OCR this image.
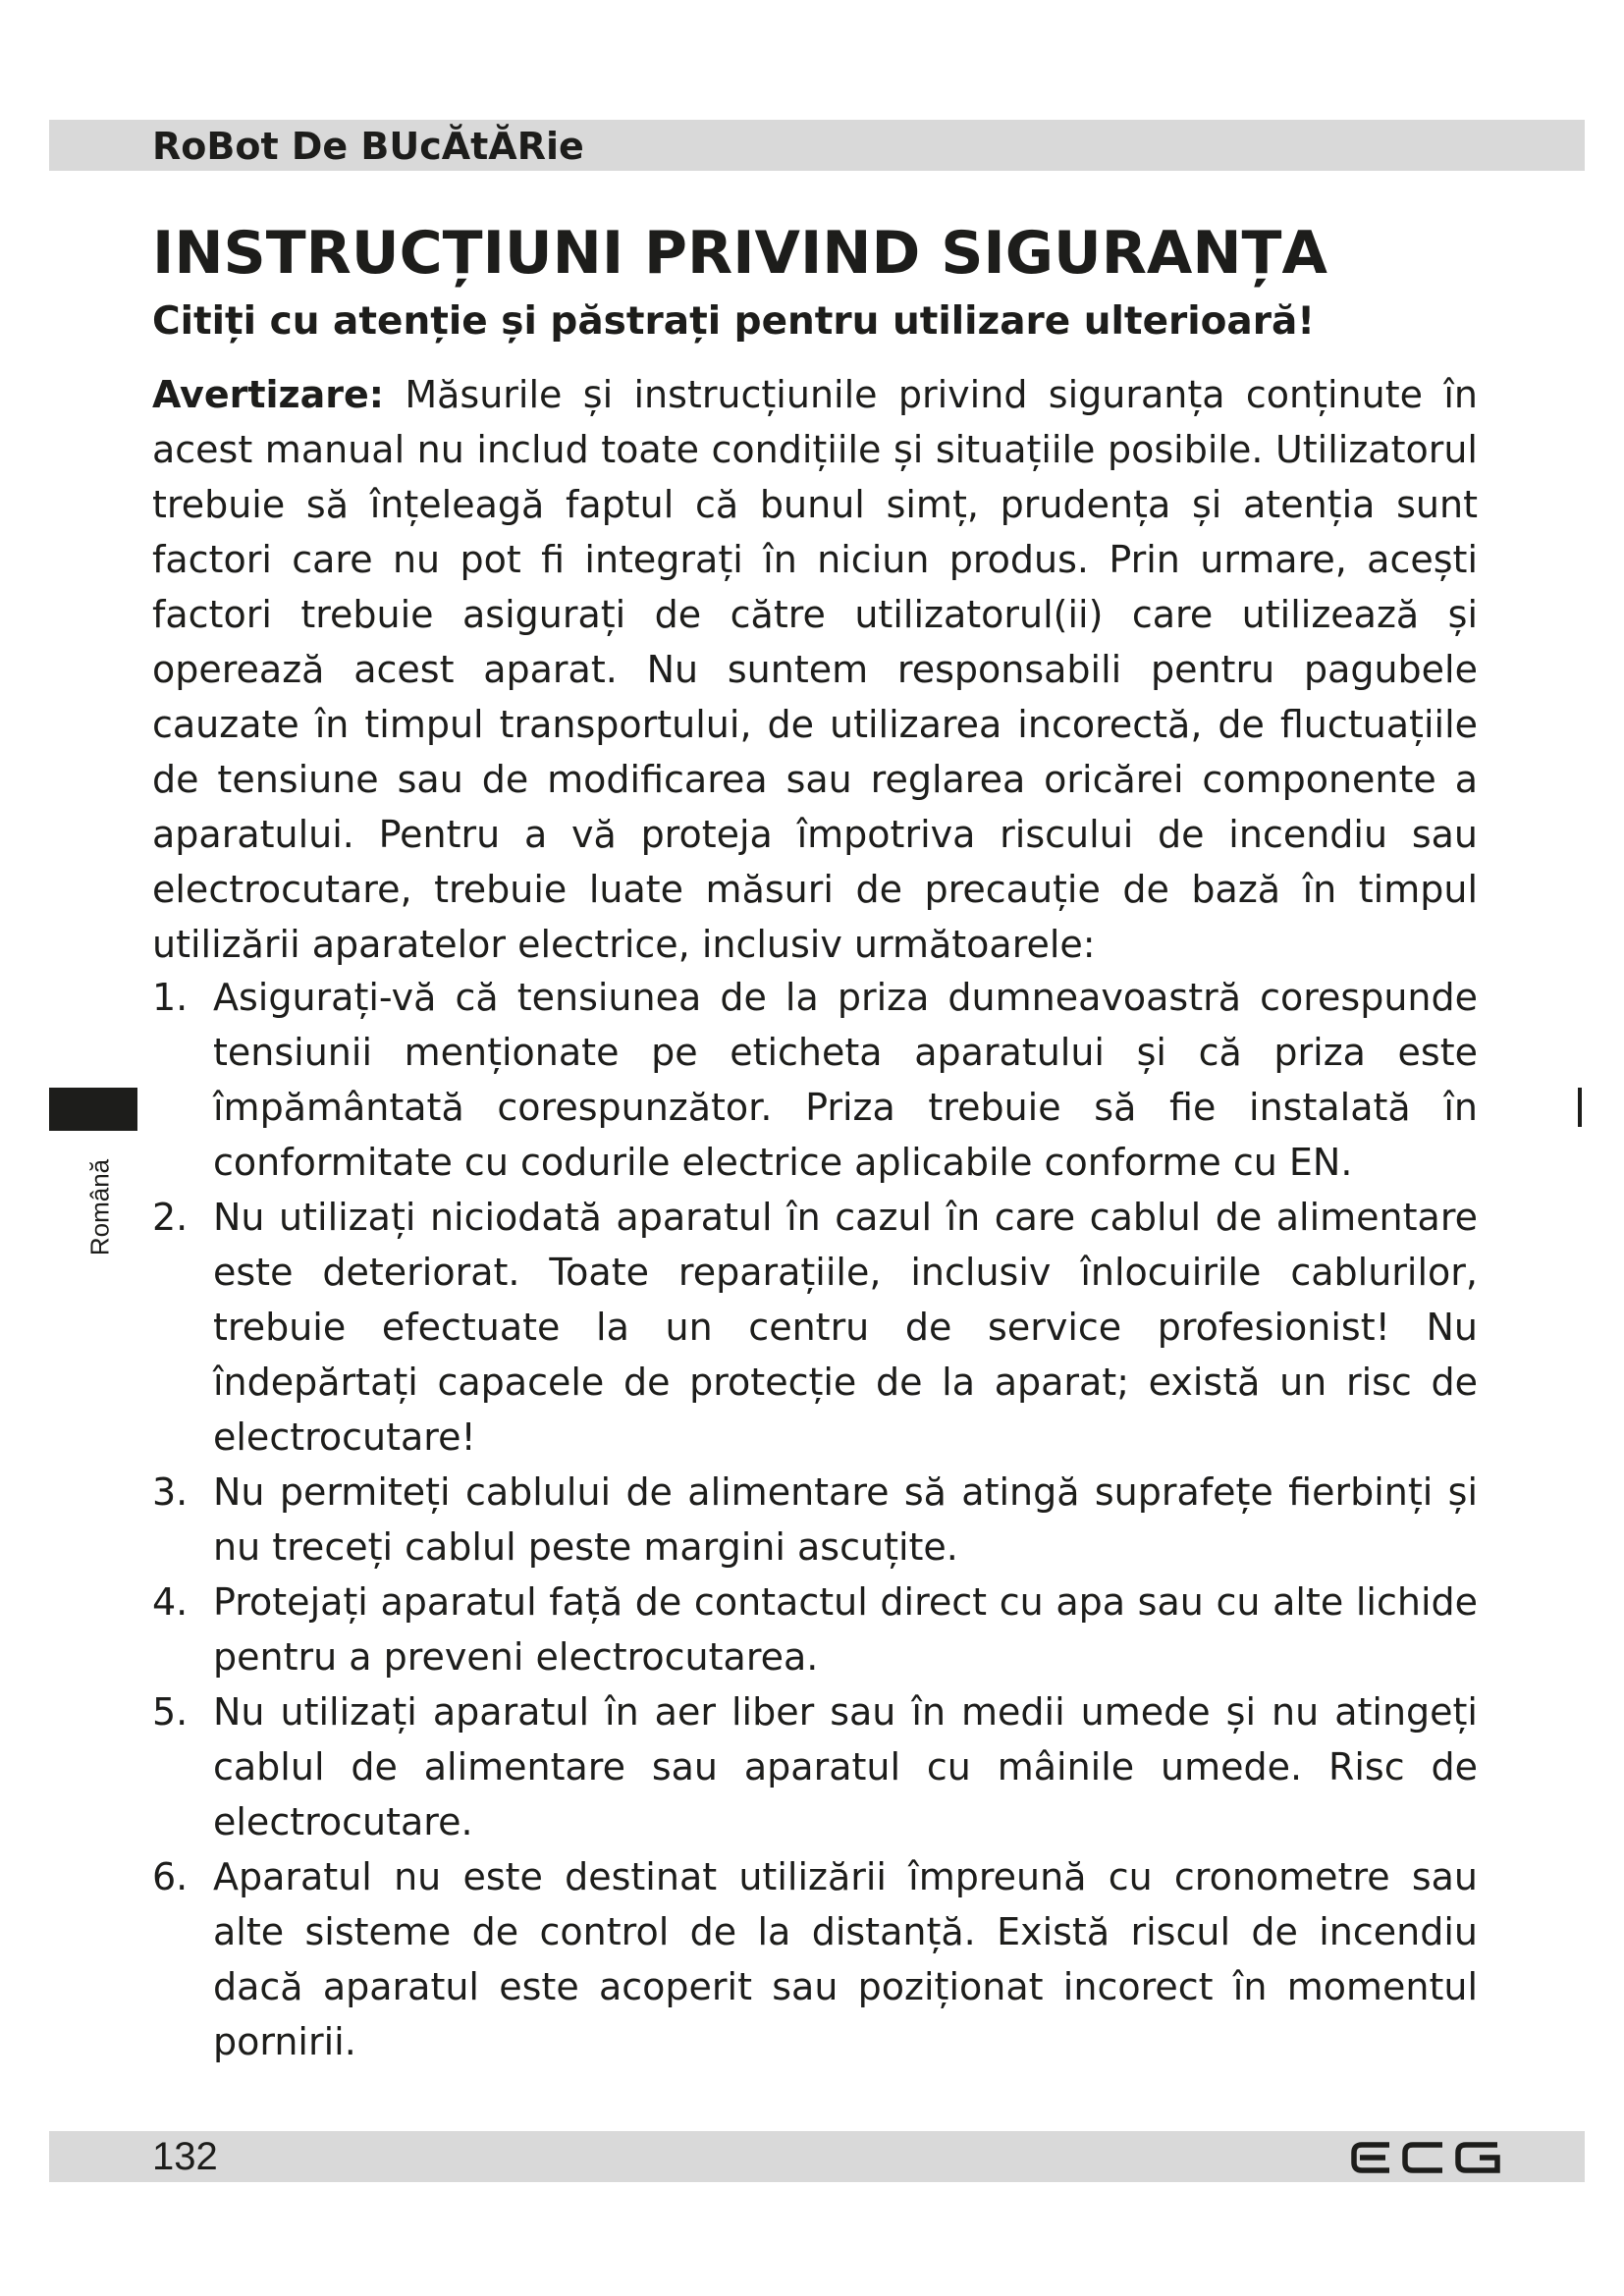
RoBot De BUcĂtĂRie
INSTRUCȚIUNI PRIVIND SIGURANȚA
Citiți cu atenție și păstrați pentru utilizare ulterioară!
Avertizare: Măsurile și instrucțiunile privind siguranța conținute în acest manual nu includ toate condițiile și situațiile posibile. Utilizatorul trebuie să înțeleagă faptul că bunul simț, prudența și atenția sunt factori care nu pot fi integrați în niciun produs. Prin urmare, acești factori trebuie asigurați de către utilizatorul(ii) care utilizează și operează acest aparat. Nu suntem responsabili pentru pagubele cauzate în timpul transportului, de utilizarea incorectă, de fluctuațiile de tensiune sau de modificarea sau reglarea oricărei componente a aparatului. Pentru a vă proteja împotriva riscului de incendiu sau electrocutare, trebuie luate măsuri de precauție de bază în timpul utilizării aparatelor electrice, inclusiv următoarele:
1. Asigurați-vă că tensiunea de la priza dumneavoastră corespunde tensiunii menționate pe eticheta aparatului și că priza este împământată corespunzător. Priza trebuie să fie instalată în conformitate cu codurile electrice aplicabile conforme cu EN.
2. Nu utilizați niciodată aparatul în cazul în care cablul de alimentare este deteriorat. Toate reparațiile, inclusiv înlocuirile cablurilor, trebuie efectuate la un centru de service profesionist! Nu îndepărtați capacele de protecție de la aparat; există un risc de electrocutare!
3. Nu permiteți cablului de alimentare să atingă suprafețe fierbinți și nu treceți cablul peste margini ascuțite.
4. Protejați aparatul față de contactul direct cu apa sau cu alte lichide pentru a preveni electrocutarea.
5. Nu utilizați aparatul în aer liber sau în medii umede și nu atingeți cablul de alimentare sau aparatul cu mâinile umede. Risc de electrocutare.
6. Aparatul nu este destinat utilizării împreună cu cronometre sau alte sisteme de control de la distanță. Există riscul de incendiu dacă aparatul este acoperit sau poziționat incorect în momentul pornirii.
Română
132
